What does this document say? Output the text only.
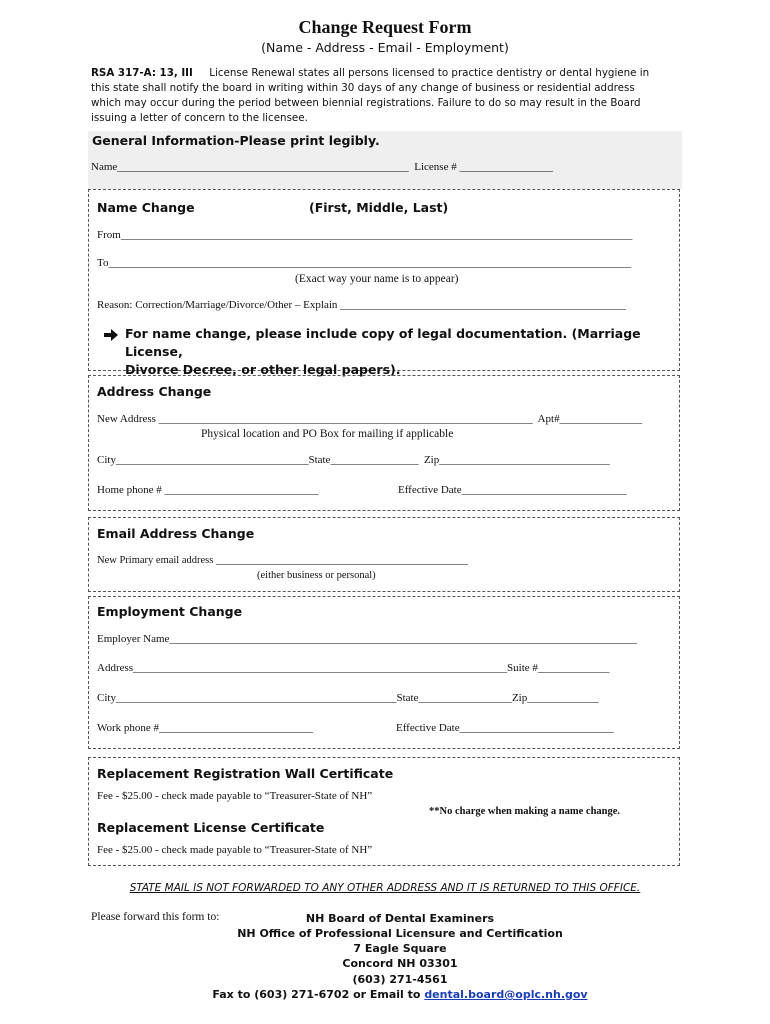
Change Request Form
(Name - Address - Email - Employment)
RSA 317-A: 13, III License Renewal states all persons licensed to practice dentistry or dental hygiene in
this state shall notify the board in writing within 30 days of any change of business or residential address
which may occur during the period between biennial registrations. Failure to do so may result in the Board
issuing a letter of concern to the licensee.
General Information-Please print legibly.
Name_____________________________________________________  License # _________________
Name Change	(First, Middle, Last)
From_____________________________________________________________________________________________
To_______________________________________________________________________________________________
(Exact way your name is to appear)
Reason: Correction/Marriage/Divorce/Other – Explain ____________________________________________________
For name change, please include copy of legal documentation. (Marriage License,
Divorce Decree, or other legal papers).
Address Change
New Address ____________________________________________________________________  Apt#_______________
Physical location and PO Box for mailing if applicable
City___________________________________State________________  Zip_______________________________
Home phone # ____________________________	Effective Date______________________________
Email Address Change
New Primary email address ________________________________________________
(either business or personal)
Employment Change
Employer Name_____________________________________________________________________________________
Address____________________________________________________________________Suite #_____________
City___________________________________________________State_________________Zip_____________
Work phone #____________________________	Effective Date____________________________
Replacement Registration Wall Certificate
Fee - $25.00 - check made payable to “Treasurer-State of NH”
**No charge when making a name change.
Replacement License Certificate
Fee - $25.00 - check made payable to “Treasurer-State of NH”
STATE MAIL IS NOT FORWARDED TO ANY OTHER ADDRESS AND IT IS RETURNED TO THIS OFFICE.
Please forward this form to:	NH Board of Dental Examiners
NH Office of Professional Licensure and Certification
7 Eagle Square
Concord NH 03301
(603) 271-4561
Fax to (603) 271-6702 or Email to dental.board@oplc.nh.gov
